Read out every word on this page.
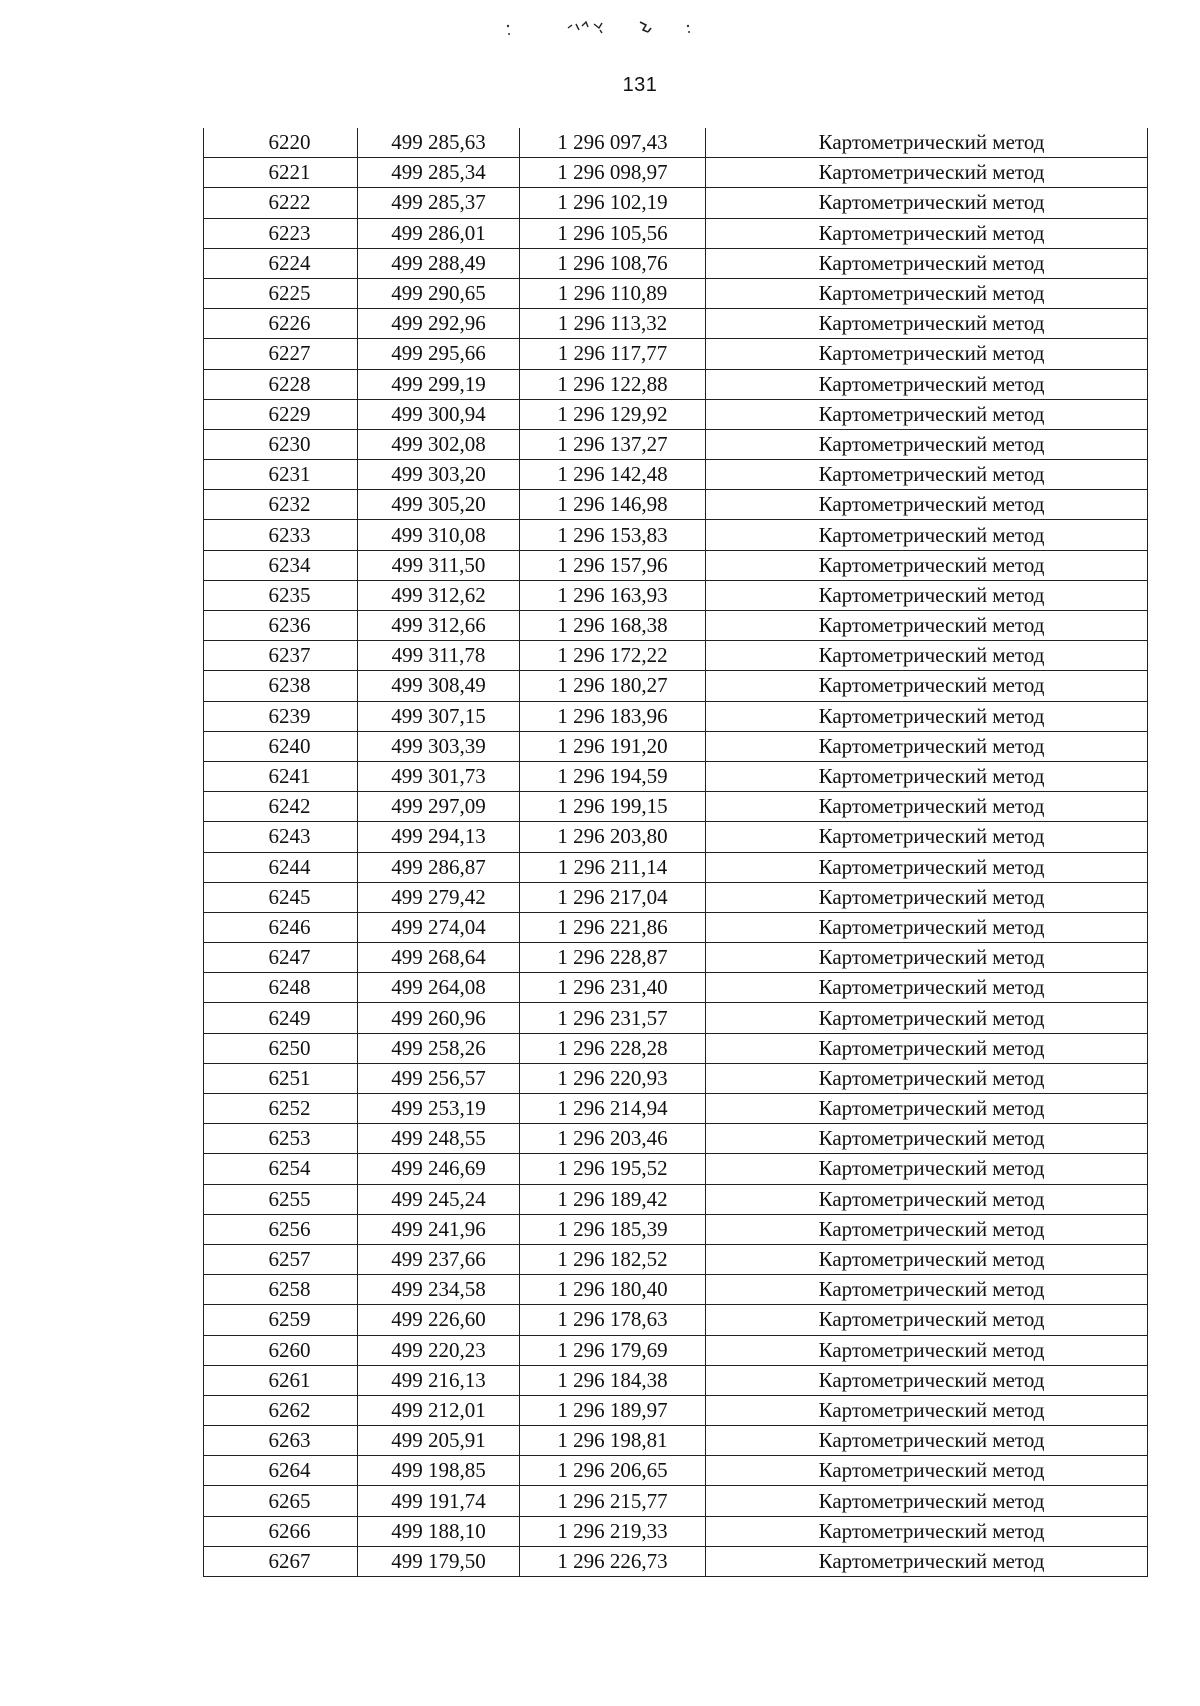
131
6220	499 285,63	1 296 097,43	Картометрический метод
6221	499 285,34	1 296 098,97	Картометрический метод
6222	499 285,37	1 296 102,19	Картометрический метод
6223	499 286,01	1 296 105,56	Картометрический метод
6224	499 288,49	1 296 108,76	Картометрический метод
6225	499 290,65	1 296 110,89	Картометрический метод
6226	499 292,96	1 296 113,32	Картометрический метод
6227	499 295,66	1 296 117,77	Картометрический метод
6228	499 299,19	1 296 122,88	Картометрический метод
6229	499 300,94	1 296 129,92	Картометрический метод
6230	499 302,08	1 296 137,27	Картометрический метод
6231	499 303,20	1 296 142,48	Картометрический метод
6232	499 305,20	1 296 146,98	Картометрический метод
6233	499 310,08	1 296 153,83	Картометрический метод
6234	499 311,50	1 296 157,96	Картометрический метод
6235	499 312,62	1 296 163,93	Картометрический метод
6236	499 312,66	1 296 168,38	Картометрический метод
6237	499 311,78	1 296 172,22	Картометрический метод
6238	499 308,49	1 296 180,27	Картометрический метод
6239	499 307,15	1 296 183,96	Картометрический метод
6240	499 303,39	1 296 191,20	Картометрический метод
6241	499 301,73	1 296 194,59	Картометрический метод
6242	499 297,09	1 296 199,15	Картометрический метод
6243	499 294,13	1 296 203,80	Картометрический метод
6244	499 286,87	1 296 211,14	Картометрический метод
6245	499 279,42	1 296 217,04	Картометрический метод
6246	499 274,04	1 296 221,86	Картометрический метод
6247	499 268,64	1 296 228,87	Картометрический метод
6248	499 264,08	1 296 231,40	Картометрический метод
6249	499 260,96	1 296 231,57	Картометрический метод
6250	499 258,26	1 296 228,28	Картометрический метод
6251	499 256,57	1 296 220,93	Картометрический метод
6252	499 253,19	1 296 214,94	Картометрический метод
6253	499 248,55	1 296 203,46	Картометрический метод
6254	499 246,69	1 296 195,52	Картометрический метод
6255	499 245,24	1 296 189,42	Картометрический метод
6256	499 241,96	1 296 185,39	Картометрический метод
6257	499 237,66	1 296 182,52	Картометрический метод
6258	499 234,58	1 296 180,40	Картометрический метод
6259	499 226,60	1 296 178,63	Картометрический метод
6260	499 220,23	1 296 179,69	Картометрический метод
6261	499 216,13	1 296 184,38	Картометрический метод
6262	499 212,01	1 296 189,97	Картометрический метод
6263	499 205,91	1 296 198,81	Картометрический метод
6264	499 198,85	1 296 206,65	Картометрический метод
6265	499 191,74	1 296 215,77	Картометрический метод
6266	499 188,10	1 296 219,33	Картометрический метод
6267	499 179,50	1 296 226,73	Картометрический метод
